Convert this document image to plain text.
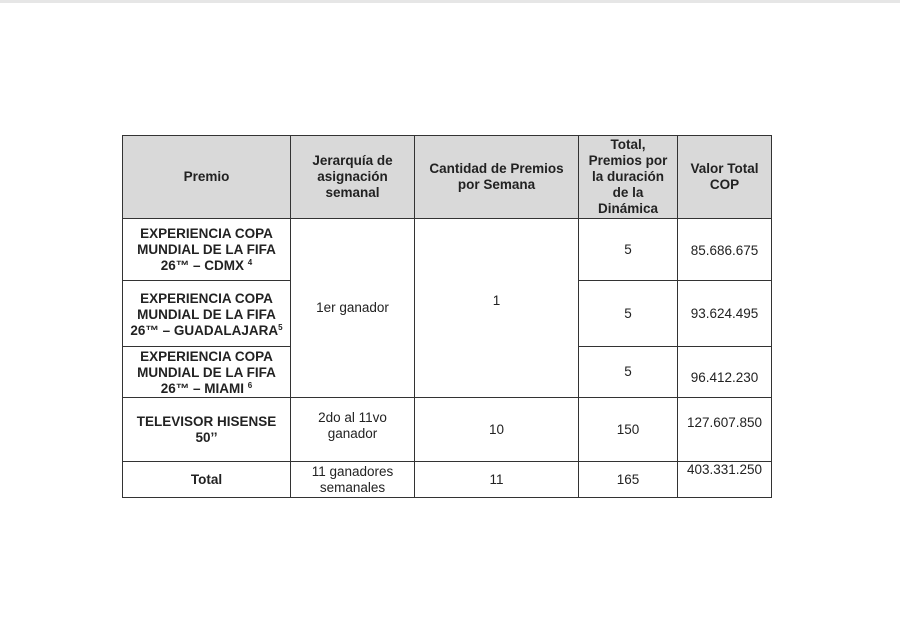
Premio	Jerarquía de asignación semanal	Cantidad de Premios por Semana	Total, Premios por la duración de la Dinámica	Valor Total COP
EXPERIENCIA COPA MUNDIAL DE LA FIFA 26™ – CDMX $^4$	1er ganador	1	5	85.686.675
EXPERIENCIA COPA MUNDIAL DE LA FIFA 26™ – GUADALAJARA$^5$			5	93.624.495
EXPERIENCIA COPA MUNDIAL DE LA FIFA 26™ – MIAMI $^6$			5	96.412.230
TELEVISOR HISENSE 50’’	2do al 11vo ganador	10	150	127.607.850
Total	11 ganadores semanales	11	165	403.331.250
